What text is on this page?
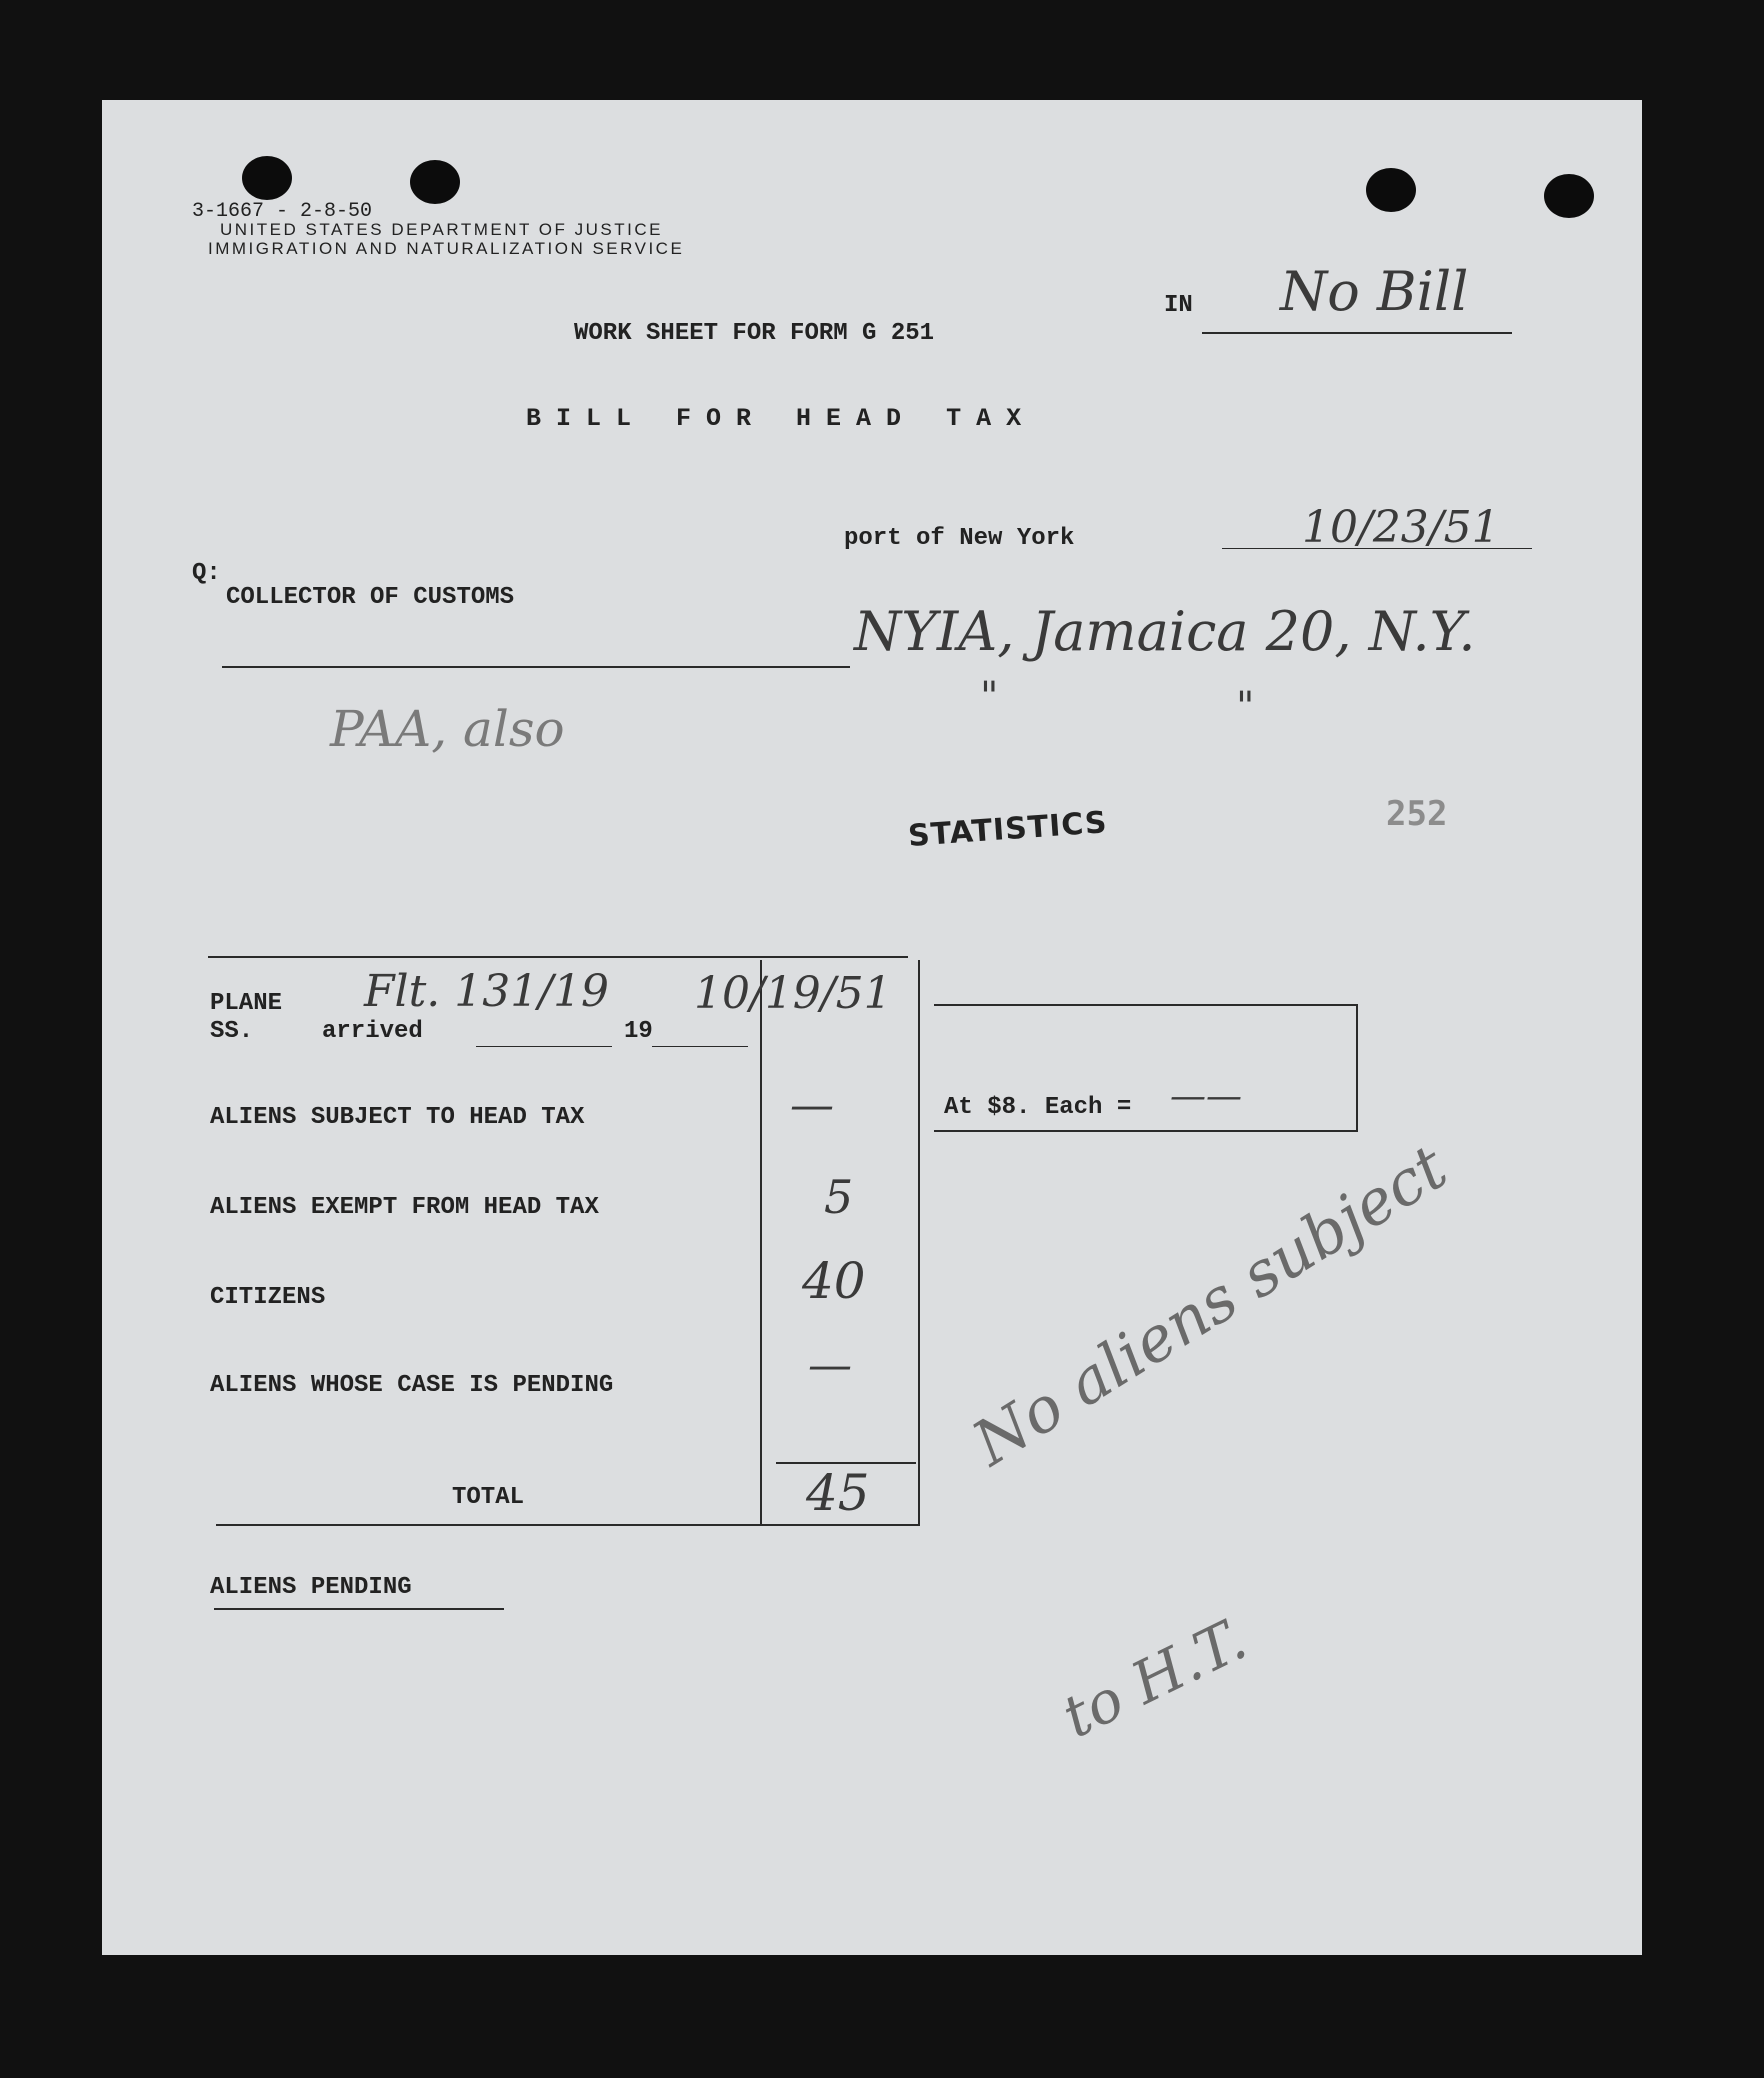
3-1667 - 2-8-50
UNITED STATES DEPARTMENT OF JUSTICE
IMMIGRATION AND NATURALIZATION SERVICE
IN No Bill
WORK SHEET FOR FORM G 251
B I L L   F O R   H E A D   T A X
port of New York	10/23/51
Q:
COLLECTOR OF CUSTOMS
NYIA, Jamaica 20, N.Y.
"	"
PAA, also
STATISTICS	252
PLANE
SS.	arrived	19
Flt. 131/19 10/19/51
At $8. Each = ——
ALIENS SUBJECT TO HEAD TAX	—
ALIENS EXEMPT FROM HEAD TAX	5
CITIZENS	40
ALIENS WHOSE CASE IS PENDING	—
TOTAL	45
ALIENS PENDING
No aliens subject
to H.T.
